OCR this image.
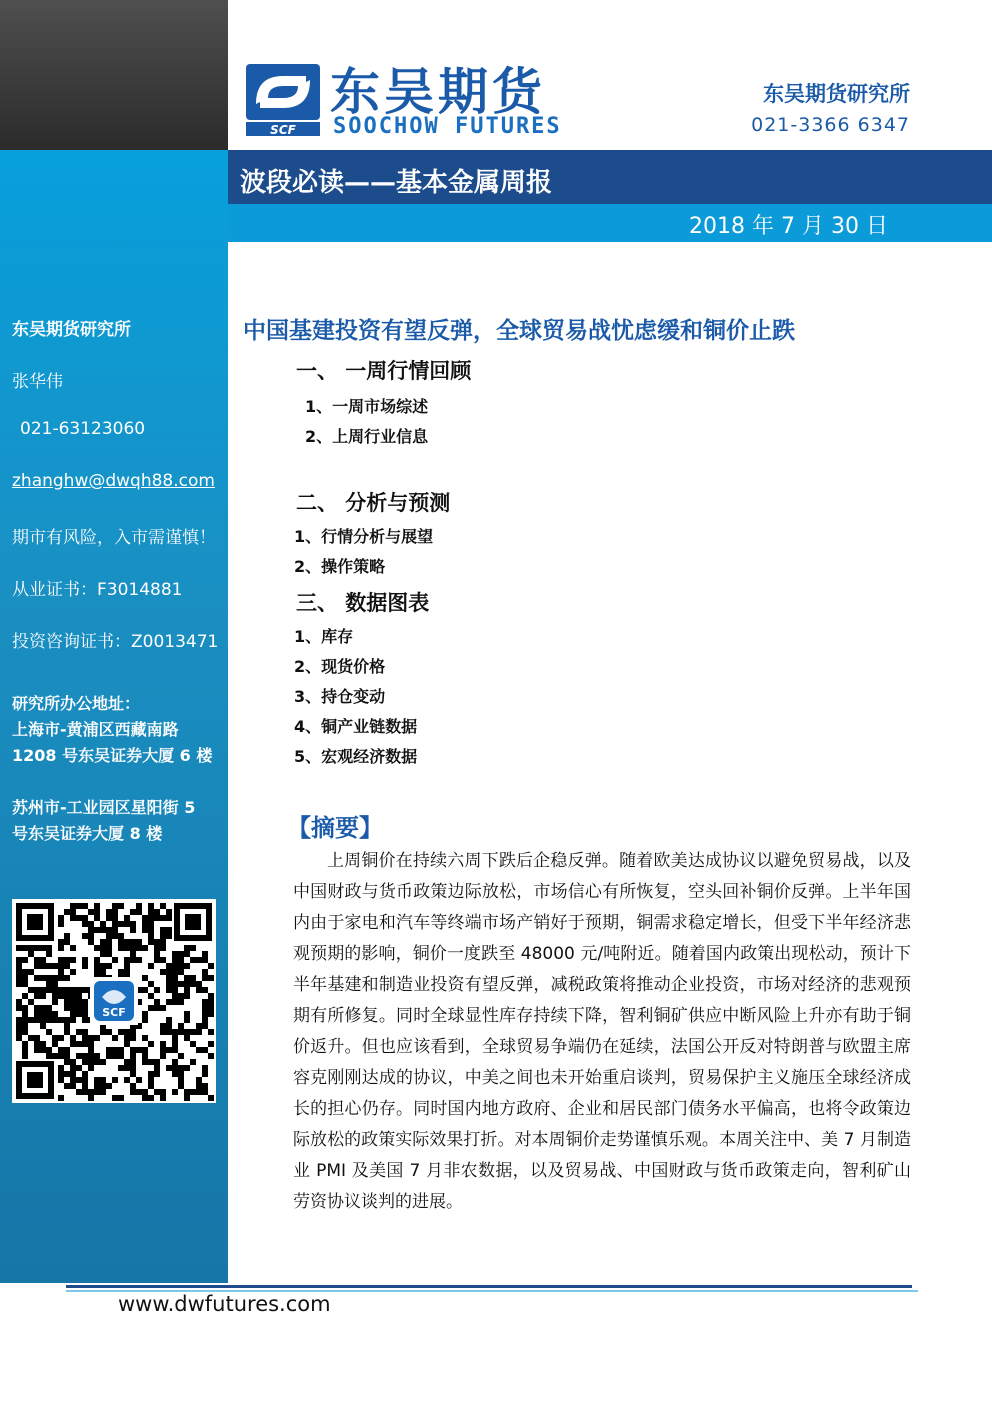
东吴期货研究所
张华伟
021-63123060
zhanghw@dwqh88.com
期市有风险，入市需谨慎！
从业证书：F3014881
投资咨询证书：Z0013471
研究所办公地址：
上海市-黄浦区西藏南路
1208 号东吴证券大厦 6 楼
苏州市-工业园区星阳街 5
号东吴证券大厦 8 楼
SCF
SCF
东吴期货
SOOCHOW FUTURES
东吴期货研究所
021-3366 6347
波段必读——基本金属周报
2018 年 7 月 30 日
中国基建投资有望反弹，全球贸易战忧虑缓和铜价止跌
一、 一周行情回顾
1、一周市场综述
2、上周行业信息
二、 分析与预测
1、行情分析与展望
2、操作策略
三、 数据图表
1、库存
2、现货价格
3、持仓变动
4、铜产业链数据
5、宏观经济数据
【摘要】

上周铜价在持续六周下跌后企稳反弹。随着欧美达成协议以避免贸易战，以及中国财政与货币政策边际放松，市场信心有所恢复，空头回补铜价反弹。上半年国内由于家电和汽车等终端市场产销好于预期，铜需求稳定增长，但受下半年经济悲观预期的影响，铜价一度跌至 48000 元/吨附近。随着国内政策出现松动，预计下半年基建和制造业投资有望反弹，减税政策将推动企业投资，市场对经济的悲观预期有所修复。同时全球显性库存持续下降，智利铜矿供应中断风险上升亦有助于铜价返升。但也应该看到，全球贸易争端仍在延续，法国公开反对特朗普与欧盟主席容克刚刚达成的协议，中美之间也未开始重启谈判，贸易保护主义施压全球经济成长的担心仍存。同时国内地方政府、企业和居民部门债务水平偏高，也将令政策边际放松的政策实际效果打折。对本周铜价走势谨慎乐观。本周关注中、美 7 月制造业 PMI 及美国 7 月非农数据，以及贸易战、中国财政与货币政策走向，智利矿山劳资协议谈判的进展。

www.dwfutures.com
